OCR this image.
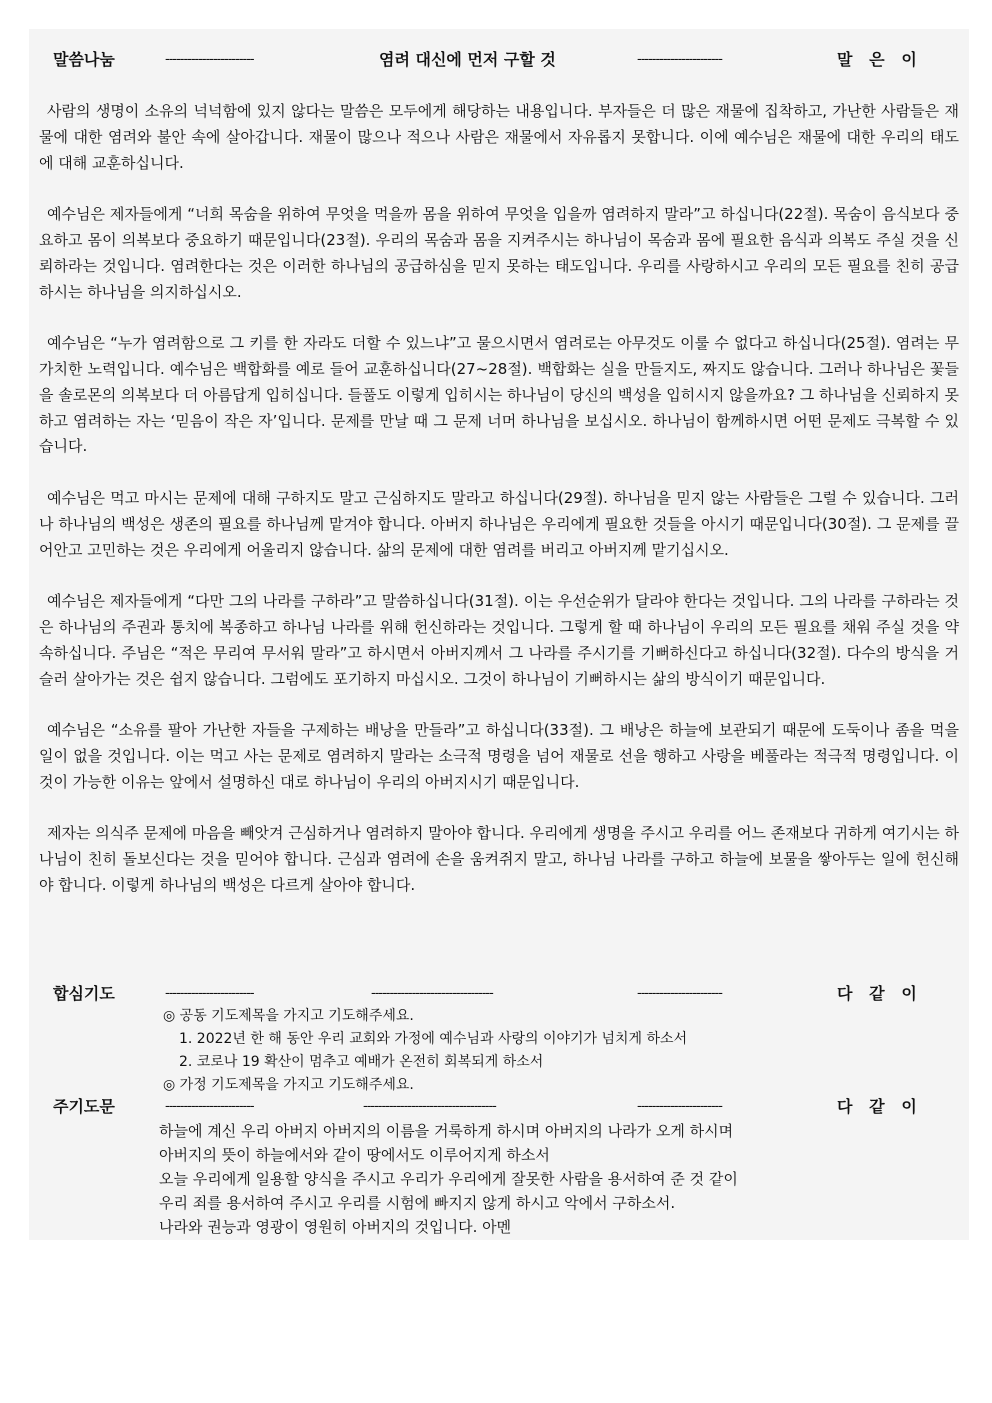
말씀나눔	------------------------	염려 대신에 먼저 구할 것	-----------------------	말   은   이

사람의 생명이 소유의 넉넉함에 있지 않다는 말씀은 모두에게 해당하는 내용입니다. 부자들은 더 많은 재물에 집착하고, 가난한 사람들은 재물에 대한 염려와 불안 속에 살아갑니다. 재물이 많으나 적으나 사람은 재물에서 자유롭지 못합니다. 이에 예수님은 재물에 대한 우리의 태도에 대해 교훈하십니다.

예수님은 제자들에게 “너희 목숨을 위하여 무엇을 먹을까 몸을 위하여 무엇을 입을까 염려하지 말라”고 하십니다(22절). 목숨이 음식보다 중요하고 몸이 의복보다 중요하기 때문입니다(23절). 우리의 목숨과 몸을 지켜주시는 하나님이 목숨과 몸에 필요한 음식과 의복도 주실 것을 신뢰하라는 것입니다. 염려한다는 것은 이러한 하나님의 공급하심을 믿지 못하는 태도입니다. 우리를 사랑하시고 우리의 모든 필요를 친히 공급하시는 하나님을 의지하십시오.

예수님은 “누가 염려함으로 그 키를 한 자라도 더할 수 있느냐”고 물으시면서 염려로는 아무것도 이룰 수 없다고 하십니다(25절). 염려는 무가치한 노력입니다. 예수님은 백합화를 예로 들어 교훈하십니다(27~28절). 백합화는 실을 만들지도, 짜지도 않습니다. 그러나 하나님은 꽃들을 솔로몬의 의복보다 더 아름답게 입히십니다. 들풀도 이렇게 입히시는 하나님이 당신의 백성을 입히시지 않을까요? 그 하나님을 신뢰하지 못하고 염려하는 자는 ‘믿음이 작은 자’입니다. 문제를 만날 때 그 문제 너머 하나님을 보십시오. 하나님이 함께하시면 어떤 문제도 극복할 수 있습니다.

예수님은 먹고 마시는 문제에 대해 구하지도 말고 근심하지도 말라고 하십니다(29절). 하나님을 믿지 않는 사람들은 그럴 수 있습니다. 그러나 하나님의 백성은 생존의 필요를 하나님께 맡겨야 합니다. 아버지 하나님은 우리에게 필요한 것들을 아시기 때문입니다(30절). 그 문제를 끌어안고 고민하는 것은 우리에게 어울리지 않습니다. 삶의 문제에 대한 염려를 버리고 아버지께 맡기십시오.

예수님은 제자들에게 “다만 그의 나라를 구하라”고 말씀하십니다(31절). 이는 우선순위가 달라야 한다는 것입니다. 그의 나라를 구하라는 것은 하나님의 주권과 통치에 복종하고 하나님 나라를 위해 헌신하라는 것입니다. 그렇게 할 때 하나님이 우리의 모든 필요를 채워 주실 것을 약속하십니다. 주님은 “적은 무리여 무서워 말라”고 하시면서 아버지께서 그 나라를 주시기를 기뻐하신다고 하십니다(32절). 다수의 방식을 거슬러 살아가는 것은 쉽지 않습니다. 그럼에도 포기하지 마십시오. 그것이 하나님이 기뻐하시는 삶의 방식이기 때문입니다.

예수님은 “소유를 팔아 가난한 자들을 구제하는 배낭을 만들라”고 하십니다(33절). 그 배낭은 하늘에 보관되기 때문에 도둑이나 좀을 먹을 일이 없을 것입니다. 이는 먹고 사는 문제로 염려하지 말라는 소극적 명령을 넘어 재물로 선을 행하고 사랑을 베풀라는 적극적 명령입니다. 이것이 가능한 이유는 앞에서 설명하신 대로 하나님이 우리의 아버지시기 때문입니다.

제자는 의식주 문제에 마음을 빼앗겨 근심하거나 염려하지 말아야 합니다. 우리에게 생명을 주시고 우리를 어느 존재보다 귀하게 여기시는 하나님이 친히 돌보신다는 것을 믿어야 합니다. 근심과 염려에 손을 움켜쥐지 말고, 하나님 나라를 구하고 하늘에 보물을 쌓아두는 일에 헌신해야 합니다. 이렇게 하나님의 백성은 다르게 살아야 합니다.

합심기도	------------------------	---------------------------------	-----------------------	다   같   이
◎ 공동 기도제목을 가지고 기도해주세요.
1. 2022년 한 해 동안 우리 교회와 가정에 예수님과 사랑의 이야기가 넘치게 하소서
2. 코로나 19 확산이 멈추고 예배가 온전히 회복되게 하소서
◎ 가정 기도제목을 가지고 기도해주세요.
주기도문	------------------------	------------------------------------	-----------------------	다   같   이
하늘에 계신 우리 아버지 아버지의 이름을 거룩하게 하시며 아버지의 나라가 오게 하시며
아버지의 뜻이 하늘에서와 같이 땅에서도 이루어지게 하소서
오늘 우리에게 일용할 양식을 주시고 우리가 우리에게 잘못한 사람을 용서하여 준 것 같이
우리 죄를 용서하여 주시고 우리를 시험에 빠지지 않게 하시고 악에서 구하소서.
나라와 권능과 영광이 영원히 아버지의 것입니다. 아멘
